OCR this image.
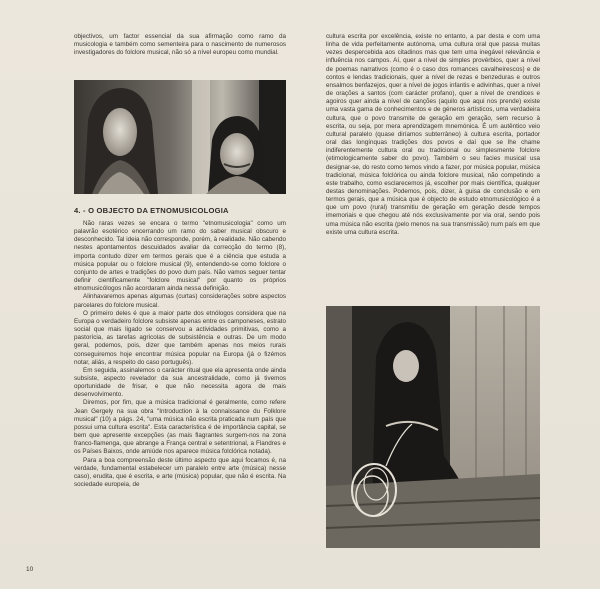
objectivos, um factor essencial da sua afirmação como ramo da musicologia e também como sementeira para o nascimento de numerosos investigadores do folclore musical, não só a nível europeu como mundial.

4. - O OBJECTO DA ETNOMUSICOLOGIA

Não raras vezes se encara o termo "etnomusicologia" como um palavrão esotérico encerrando um ramo do saber musical obscuro e desconhecido. Tal ideia não corresponde, porém, à realidade. Não cabendo nestes apontamentos descuidados avaliar da correcção do termo (8), importa contudo dizer em termos gerais que é a ciência que estuda a música popular ou o folclore musical (9), entendendo-se como folclore o conjunto de artes e tradições do povo dum país. Não vamos seguer tentar definir cientificamente "folclore musical" por quanto os próprios etnomusicólogos não acordaram ainda nessa definição.

Alinhavaremos apenas algumas (curtas) considerações sobre aspectos parcelares do folclore musical.

O primeiro deles é que a maior parte dos etnólogos considera que na Europa o verdadeiro folclore subsiste apenas entre os camponeses, estrato social que mais ligado se conservou a actividades primitivas, como a pastorícia, as tarefas agrícolas de subsistência e outras. De um modo geral, podemos, pois, dizer que também apenas nos meios rurais conseguiremos hoje encontrar música popular na Europa (já o fizémos notar, aliás, a respeito do caso português).

Em seguida, assinalemos o carácter ritual que ela apresenta onde ainda subsiste, aspecto revelador da sua ancestralidade, como já tivemos oportunidade de frisar, e que não necessita agora de mais desenvolvimento.

Diremos, por fim, que a música tradicional é geralmente, como refere Jean Gergely na sua obra "Introduction à la connaissance du Folklore musical" (10) a págs. 24, "uma música não escrita praticada num país que possui uma cultura escrita". Esta característica é de importância capital, se bem que apresente excepções (as mais flagrantes surgem-nos na zona franco-flamenga, que abrange a França central e setentrional, a Flandres e os Países Baixos, onde amiúde nos aparece música folclórica notada).

Para a boa compreensão deste último aspecto que aqui focamos é, na verdade, fundamental estabelecer um paralelo entre arte (música) nesse caso), erudita, que é escrita, e arte (música) popular, que não é escrita. Na sociedade europeia, de

cultura escrita por excelência, existe no entanto, a par desta e com uma linha de vida perfeitamente autónoma, uma cultura oral que passa muitas vezes despercebida aos citadinos mas que tem uma inegável relevância e influência nos campos. Aí, quer a nível de simples provérbios, quer a nível de poemas narrativos (como é o caso dos romances cavalheirescos) e de contos e lendas tradicionais, quer a nível de rezas e benzeduras e outros ensalmos benfazejos, quer a nível de jogos infantis e adivinhas, quer a nível de orações a santos (com carácter profano), quer a nível de crendices e agoiros quer ainda a nível de canções (aquilo que aqui nos prende) existe uma vasta gama de conhecimentos e de géneros artísticos, uma verdadeira cultura, que o povo transmite de geração em geração, sem recurso à escrita, ou seja, por mera aprendizagem mnemónica. É um autêntico veio cultural paralelo (quase diríamos subterrâneo) à cultura escrita, portador oral das longínquas tradições dos povos e daí que se lhe chame indiferentemente cultura oral ou tradicional ou simplesmente folclore (etimologicamente saber do povo). Também o seu facies musical usa designar-se, do resto como temos vindo a fazer, por música popular, música tradicional, música folclórica ou ainda folclore musical, não competindo a este trabalho, como esclarecemos já, escolher por mais científica, qualquer destas denominações. Podemos, pois, dizer, à guisa de conclusão e em termos gerais, que a música que é objecto de estudo etnomusicológico é a que um povo (rural) transmitiu de geração em geração desde tempos imemoriais e que chegou até nós exclusivamente por via oral, sendo pois uma música não escrita (pelo menos na sua transmissão) num país em que existe uma cultura escrita.

10
